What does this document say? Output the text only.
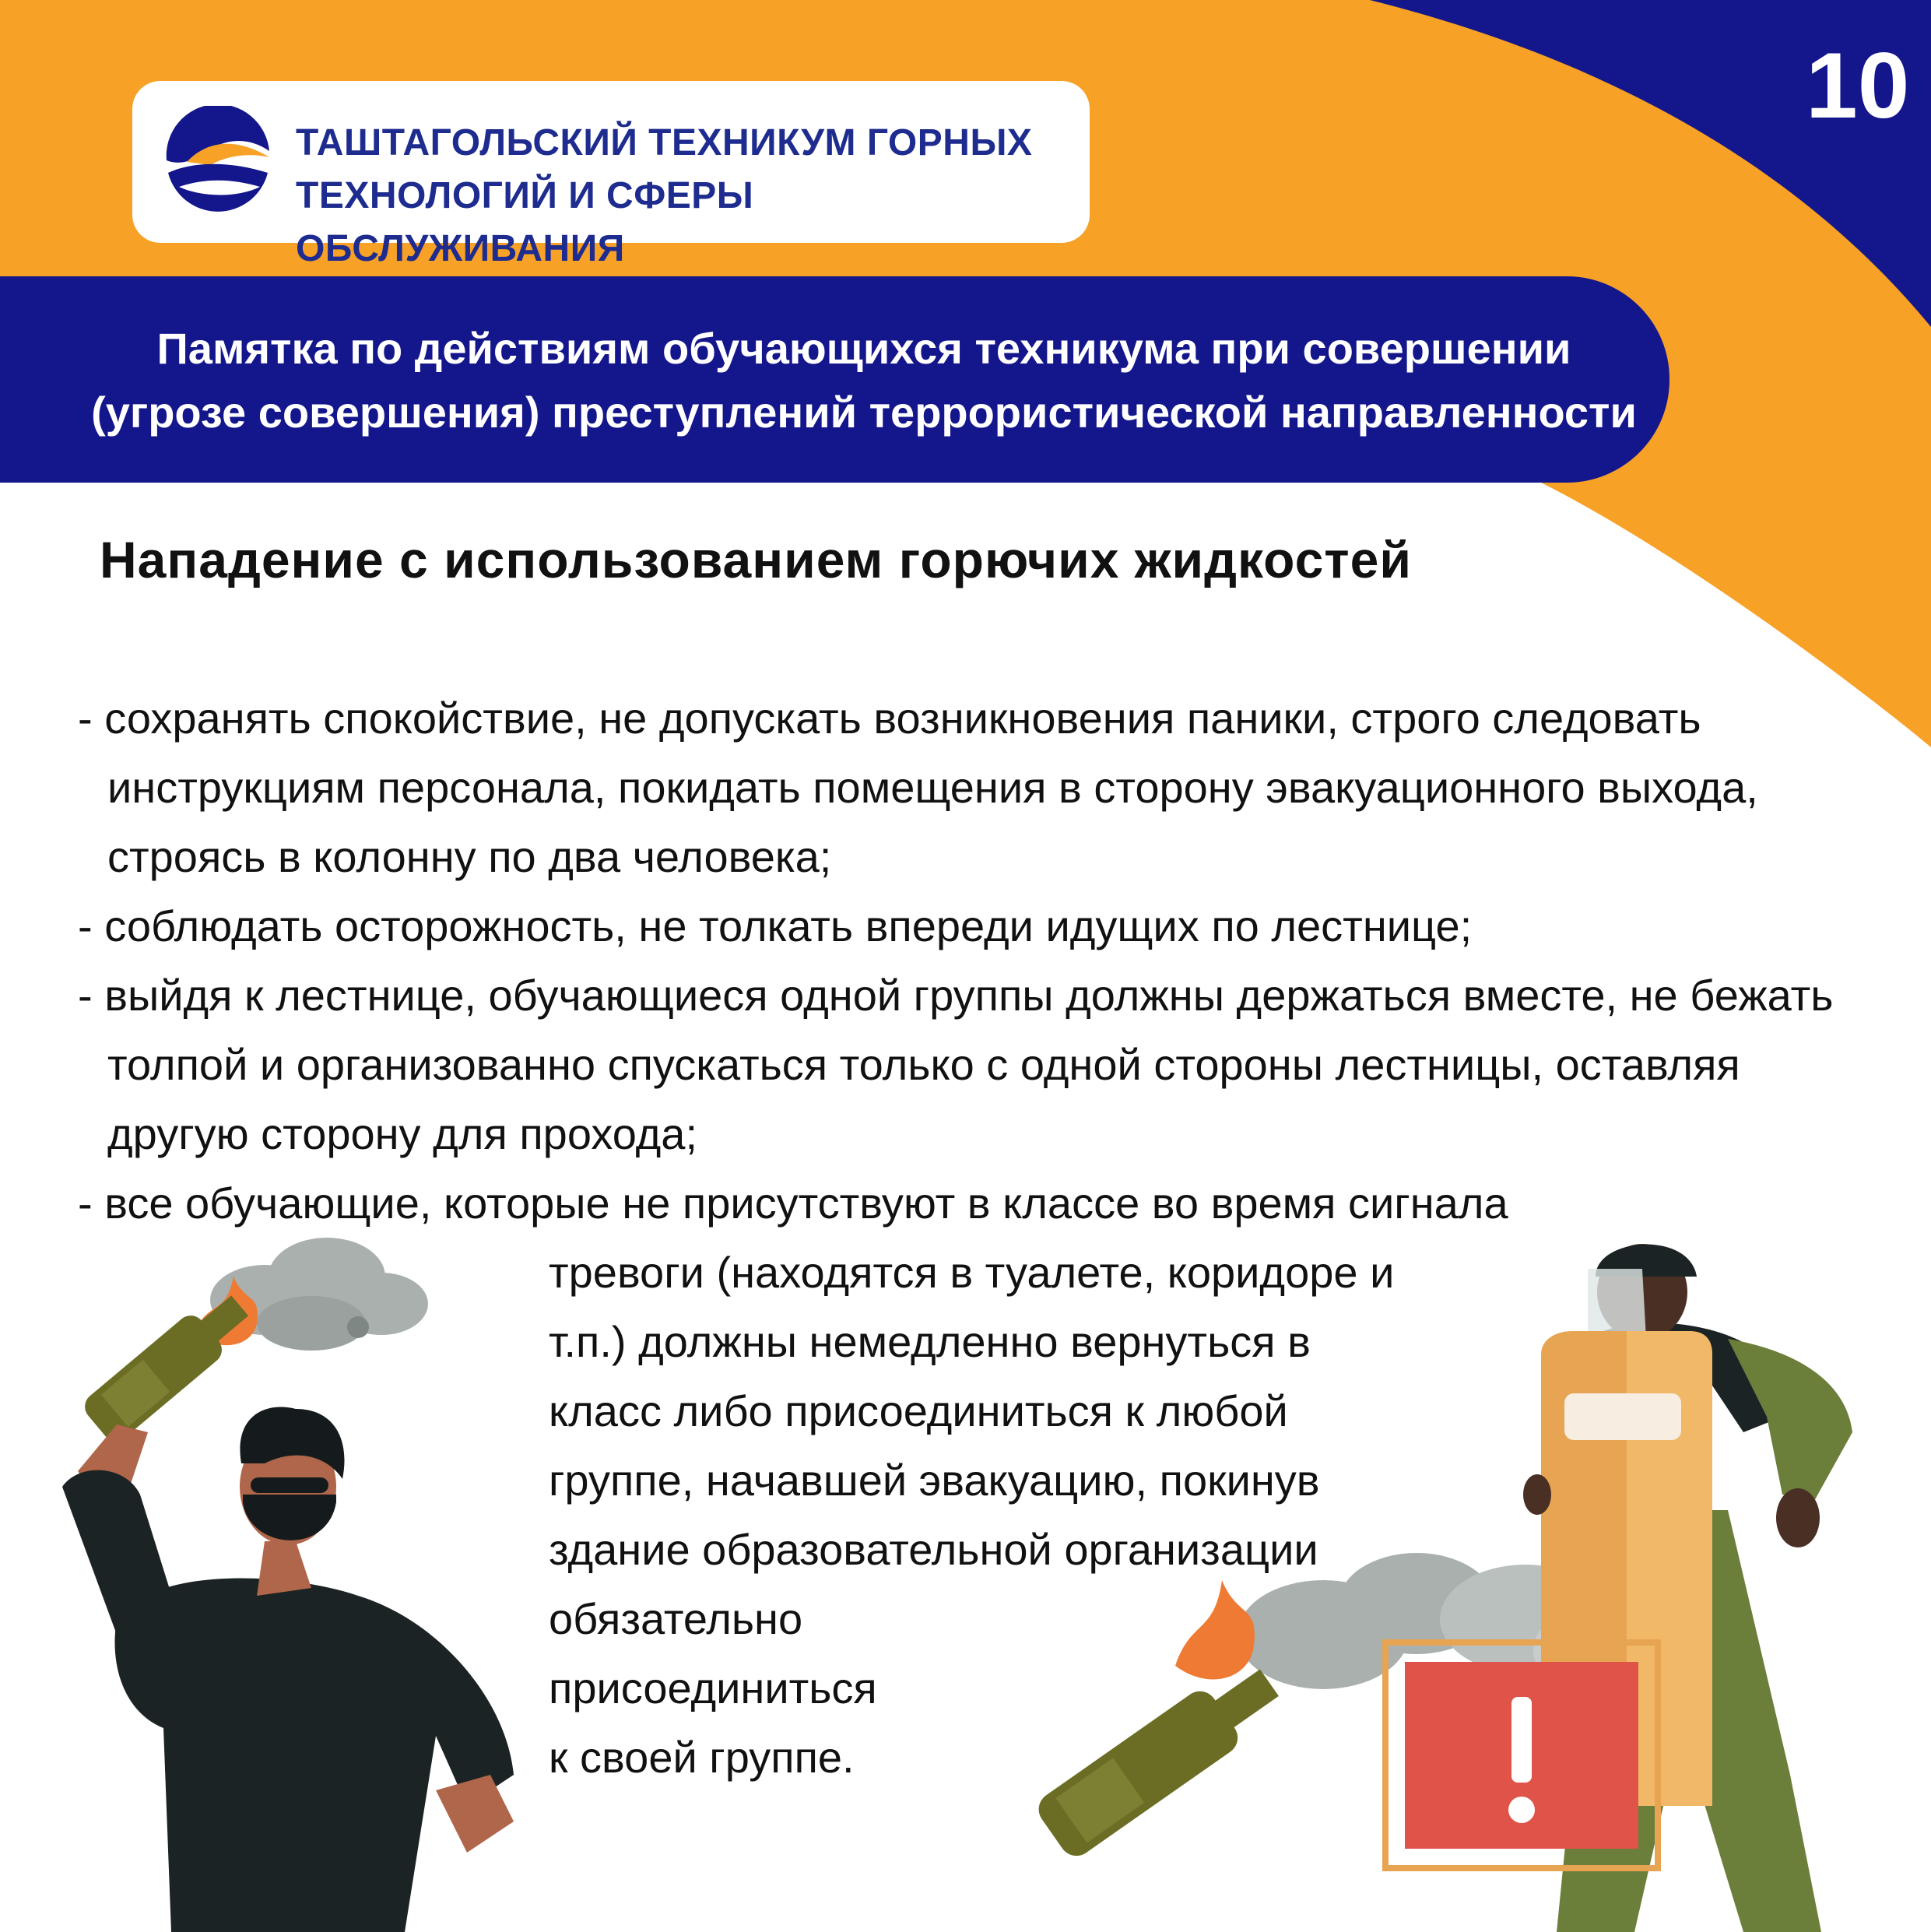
ТАШТАГОЛЬСКИЙ ТЕХНИКУМ ГОРНЫХ
ТЕХНОЛОГИЙ И СФЕРЫ ОБСЛУЖИВАНИЯ
10
Памятка по действиям обучающихся техникума при совершении
(угрозе совершения) преступлений террористической направленности
Нападение с использованием горючих жидкостей
- сохранять спокойствие, не допускать возникновения паники, строго следовать инструкциям персонала, покидать помещения в сторону эвакуационного выхода, строясь в колонну по два человека;
- соблюдать осторожность, не толкать впереди идущих по лестнице;
- выйдя к лестнице, обучающиеся одной группы должны держаться вместе, не бежать толпой и организованно спускаться только с одной стороны лестницы, оставляя другую сторону для прохода;
- все обучающие, которые не присутствуют в классе во время сигнала
тревоги (находятся в туалете, коридоре и
т.п.) должны немедленно вернуться в
класс либо присоединиться к любой
группе, начавшей эвакуацию, покинув
здание образовательной организации
обязательно
присоединиться
к своей группе.
